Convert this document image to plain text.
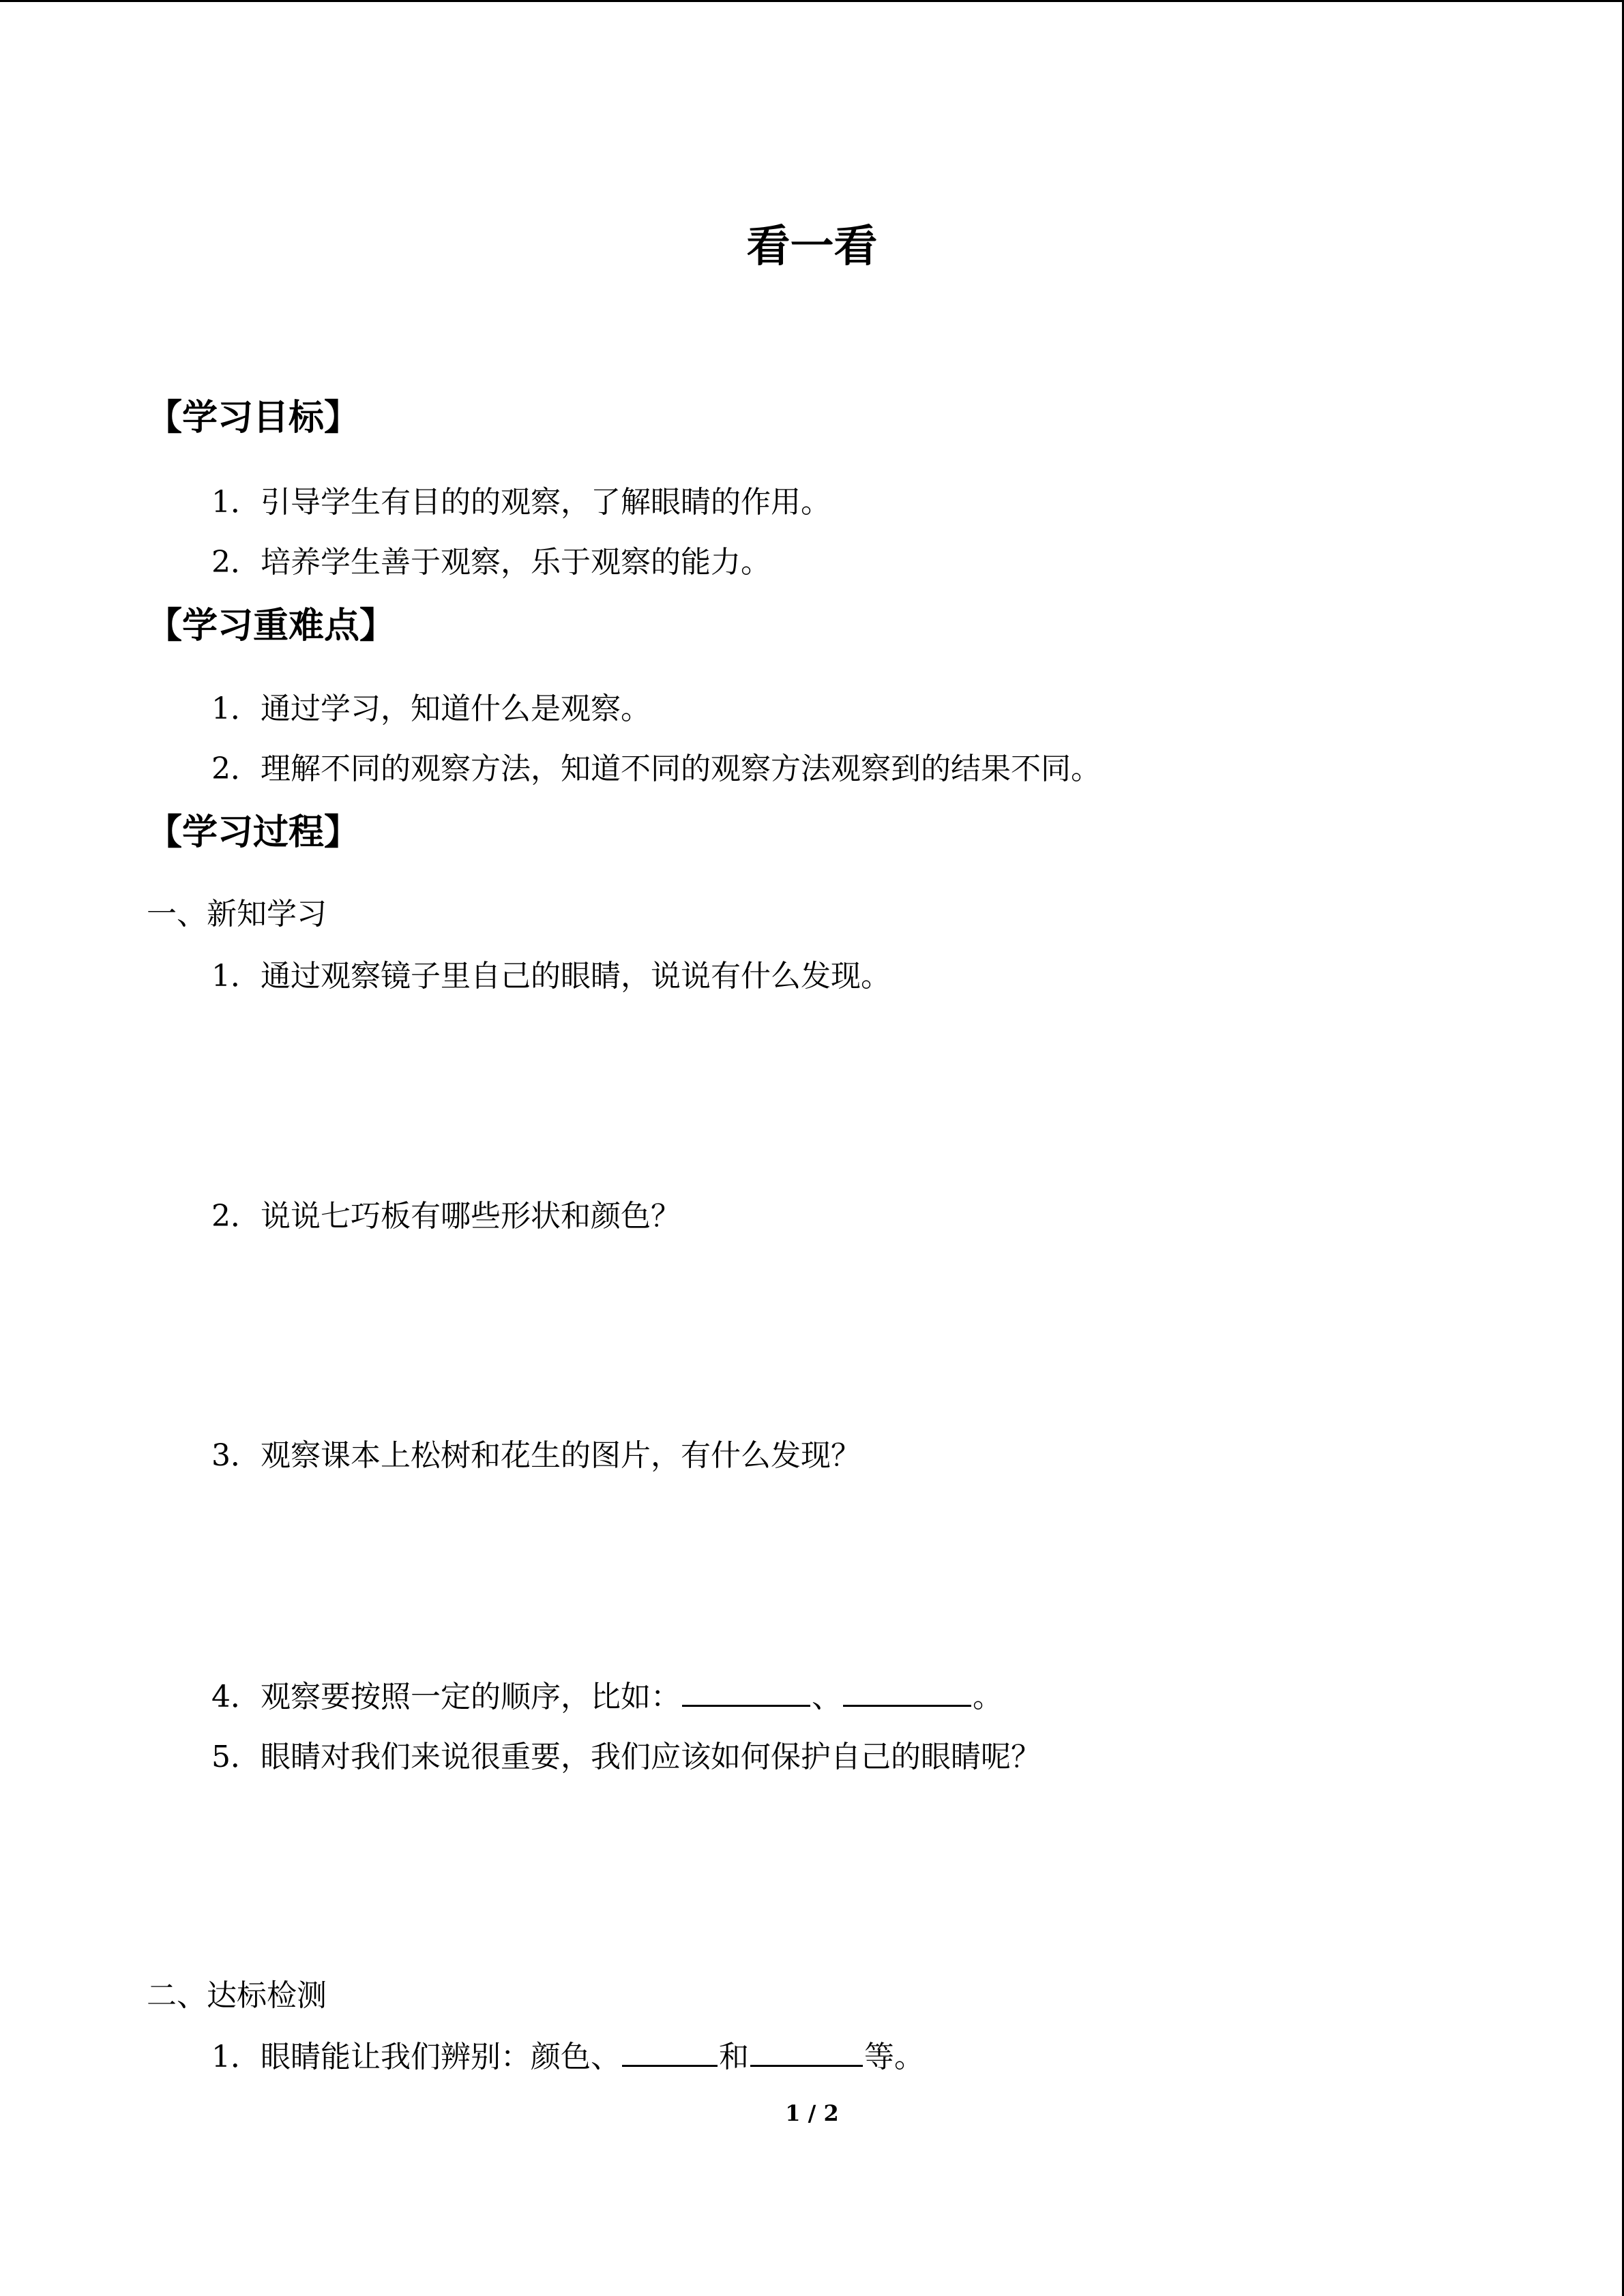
看一看
【学习目标】
1．引导学生有目的的观察，了解眼睛的作用。
2．培养学生善于观察，乐于观察的能力。
【学习重难点】
1．通过学习，知道什么是观察。
2．理解不同的观察方法，知道不同的观察方法观察到的结果不同。
【学习过程】
一、新知学习
1．通过观察镜子里自己的眼睛，说说有什么发现。
2．说说七巧板有哪些形状和颜色？
3．观察课本上松树和花生的图片，有什么发现？
4．观察要按照一定的顺序，比如：	、	。
5．眼睛对我们来说很重要，我们应该如何保护自己的眼睛呢？
二、达标检测
1．眼睛能让我们辨别：颜色、	和	等。
1 / 2
